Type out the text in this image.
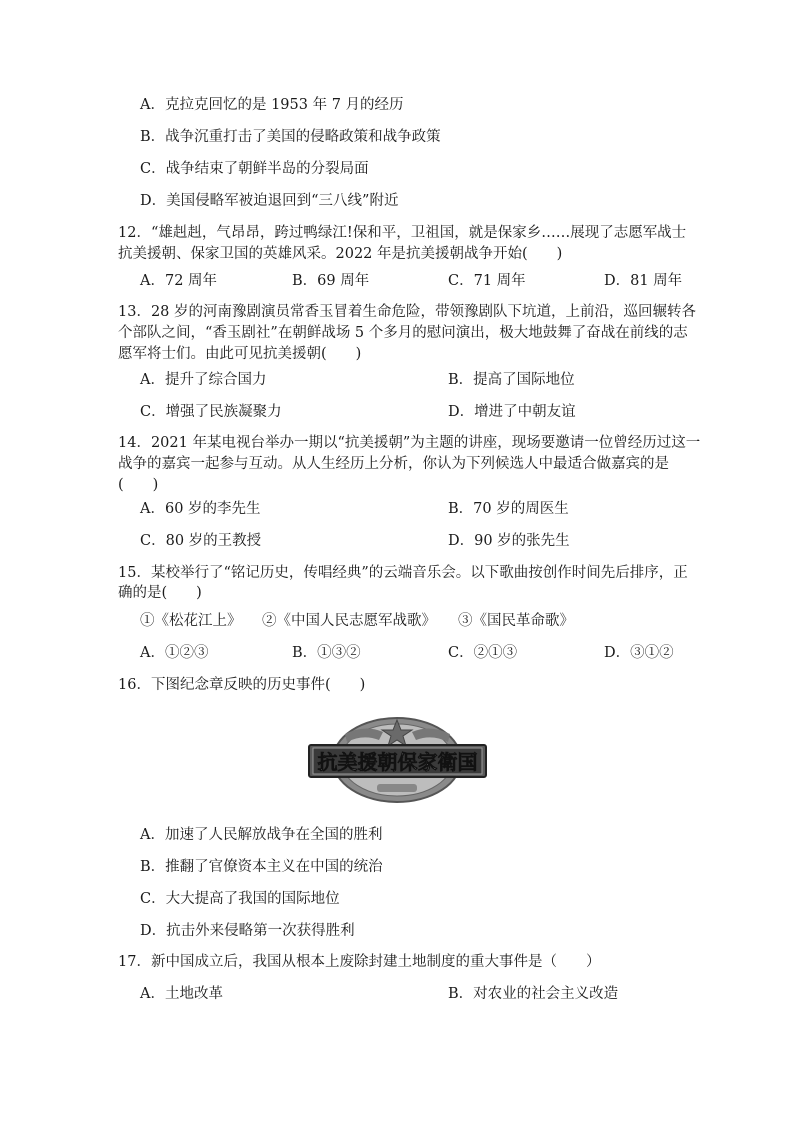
A．克拉克回忆的是 1953 年 7 月的经历
B．战争沉重打击了美国的侵略政策和战争政策
C．战争结束了朝鲜半岛的分裂局面
D．美国侵略军被迫退回到“三八线”附近
12．“雄赳赳，气昂昂，跨过鸭绿江!保和平，卫祖国，就是保家乡……展现了志愿军战士
抗美援朝、保家卫国的英雄风采。2022 年是抗美援朝战争开始(　　)
A．72 周年	B．69 周年	C．71 周年	D．81 周年
13．28 岁的河南豫剧演员常香玉冒着生命危险，带领豫剧队下坑道，上前沿，巡回辗转各
个部队之间，“香玉剧社”在朝鲜战场 5 个多月的慰问演出，极大地鼓舞了奋战在前线的志
愿军将士们。由此可见抗美援朝(　　)
A．提升了综合国力	B．提高了国际地位
C．增强了民族凝聚力	D．增进了中朝友谊
14．2021 年某电视台举办一期以“抗美援朝”为主题的讲座，现场要邀请一位曾经历过这一
战争的嘉宾一起参与互动。从人生经历上分析，你认为下列候选人中最适合做嘉宾的是
(　　)
A．60 岁的李先生	B．70 岁的周医生
C．80 岁的王教授	D．90 岁的张先生
15．某校举行了“铭记历史，传唱经典”的云端音乐会。以下歌曲按创作时间先后排序，正
确的是(　　)
①《松花江上》 ②《中国人民志愿军战歌》 ③《国民革命歌》
A．①②③	B．①③②	C．②①③	D．③①②
16．下图纪念章反映的历史事件(　　)
抗美援朝保家衛国
A．加速了人民解放战争在全国的胜利
B．推翻了官僚资本主义在中国的统治
C．大大提高了我国的国际地位
D．抗击外来侵略第一次获得胜利
17．新中国成立后，我国从根本上废除封建土地制度的重大事件是（　　）
A．土地改革	B．对农业的社会主义改造
